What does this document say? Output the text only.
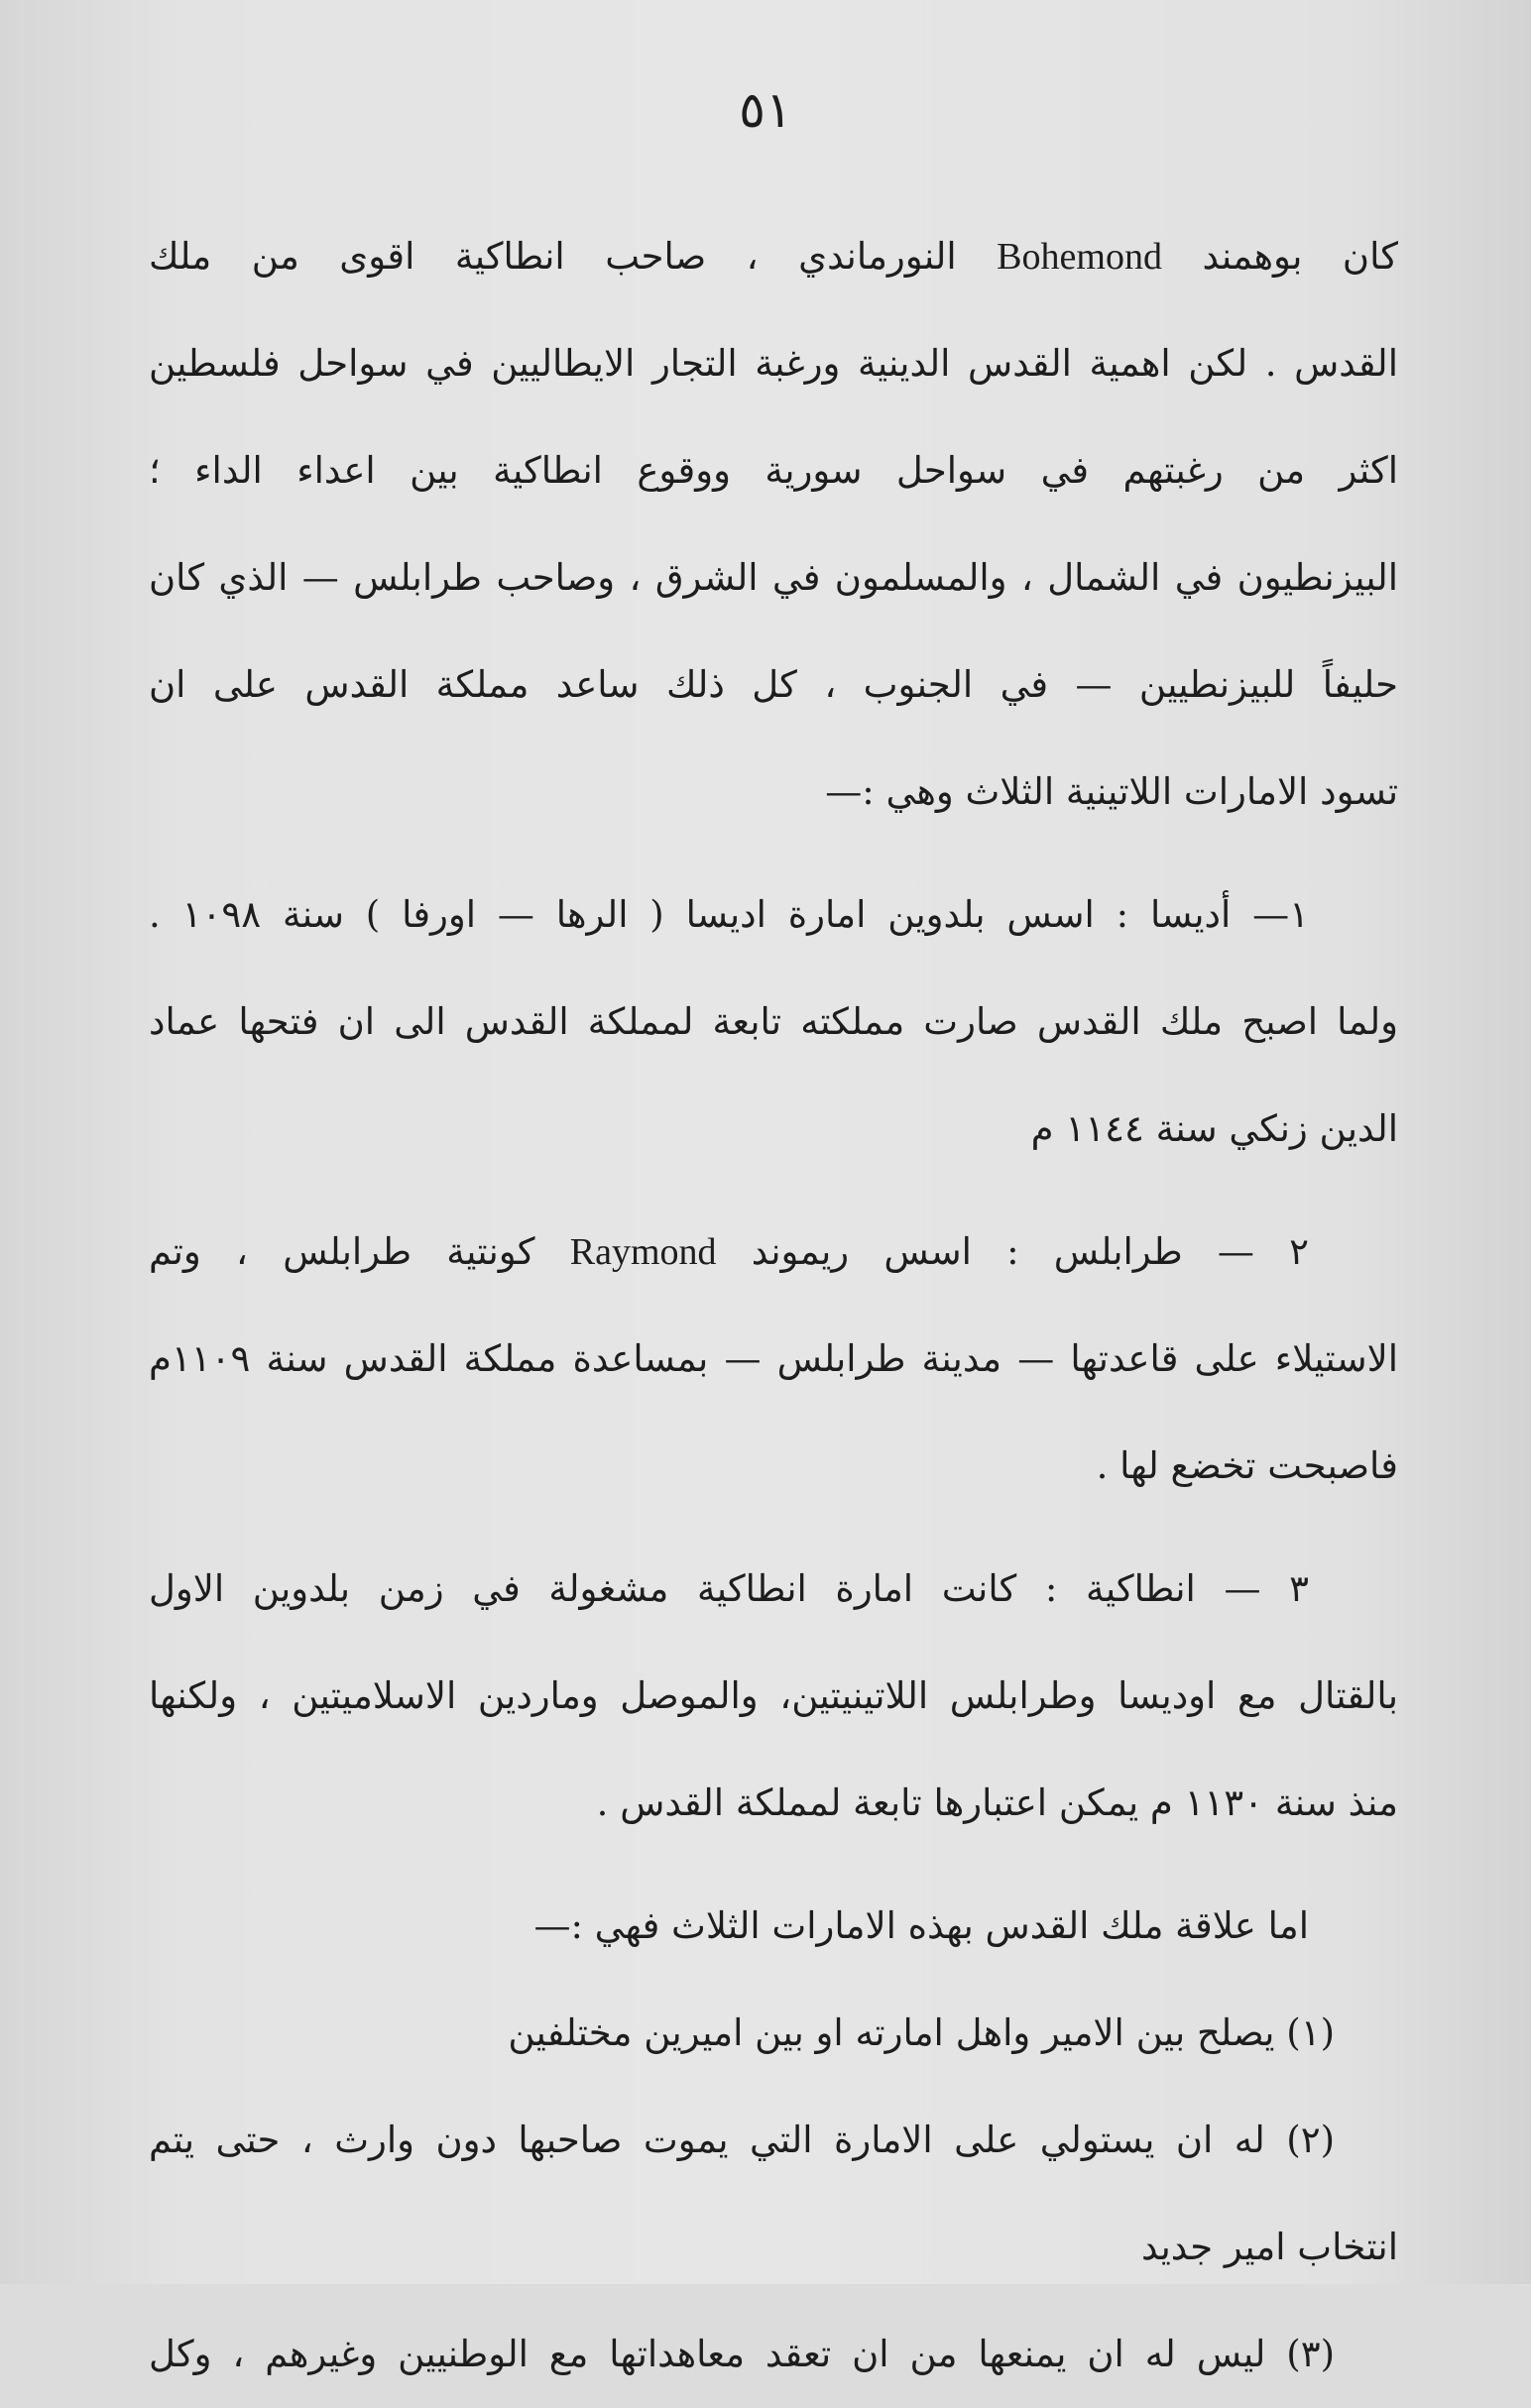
٥١
كان بوهمند Bohemond النورماندي ، صاحب انطاكية اقوى من ملك
القدس . لكن اهمية القدس الدينية ورغبة التجار الايطاليين في سواحل فلسطين
اكثر من رغبتهم في سواحل سورية ووقوع انطاكية بين اعداء الداء ؛
البيزنطيون في الشمال ، والمسلمون في الشرق ، وصاحب طرابلس — الذي كان
حليفاً للبيزنطيين — في الجنوب ، كل ذلك ساعد مملكة القدس على ان
تسود الامارات اللاتينية الثلاث وهي :—
١— أديسا : اسس بلدوين امارة اديسا ( الرها — اورفا ) سنة ١٠٩٨ .
ولما اصبح ملك القدس صارت مملكته تابعة لمملكة القدس الى ان فتحها عماد
الدين زنكي سنة ١١٤٤ م
٢ — طرابلس : اسس ريموند Raymond كونتية طرابلس ، وتم
الاستيلاء على قاعدتها — مدينة طرابلس — بمساعدة مملكة القدس سنة ١١٠٩م
فاصبحت تخضع لها .
٣ — انطاكية : كانت امارة انطاكية مشغولة في زمن بلدوين الاول
بالقتال مع اوديسا وطرابلس اللاتينيتين، والموصل وماردين الاسلاميتين ، ولكنها
منذ سنة ١١٣٠ م يمكن اعتبارها تابعة لمملكة القدس .
اما علاقة ملك القدس بهذه الامارات الثلاث فهي :—
(١) يصلح بين الامير واهل امارته او بين اميرين مختلفين
(٢) له ان يستولي على الامارة التي يموت صاحبها دون وارث ، حتى يتم
انتخاب امير جديد
(٣) ليس له ان يمنعها من ان تعقد معاهداتها مع الوطنيين وغيرهم ، وكل
